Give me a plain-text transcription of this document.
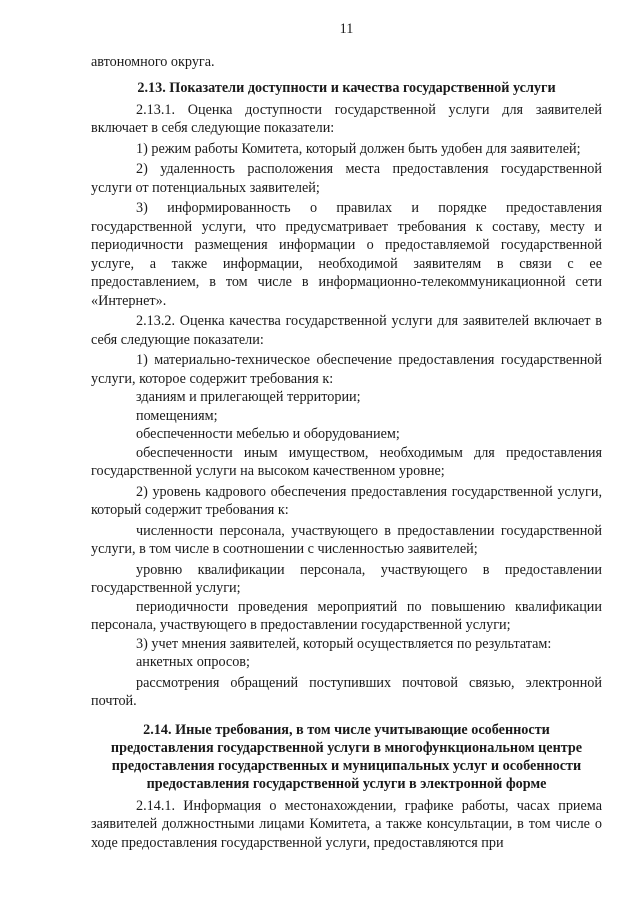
11

автономного округа.

2.13. Показатели доступности и качества государственной услуги

2.13.1. Оценка доступности государственной услуги для заявителей включает в себя следующие показатели:

1) режим работы Комитета, который должен быть удобен для заявителей;

2) удаленность расположения места предоставления государственной услуги от потенциальных заявителей;

3) информированность о правилах и порядке предоставления государственной услуги, что предусматривает требования к составу, месту и периодичности размещения информации о предоставляемой государственной услуге, а также информации, необходимой заявителям в связи с ее предоставлением, в том числе в информационно-телекоммуникационной сети «Интернет».

2.13.2. Оценка качества государственной услуги для заявителей включает в себя следующие показатели:

1) материально-техническое обеспечение предоставления государственной услуги, которое содержит требования к:

зданиям и прилегающей территории;

помещениям;

обеспеченности мебелью и оборудованием;

обеспеченности иным имуществом, необходимым для предоставления государственной услуги на высоком качественном уровне;

2) уровень кадрового обеспечения предоставления государственной услуги, который содержит требования к:

численности персонала, участвующего в предоставлении государственной услуги, в том числе в соотношении с численностью заявителей;

уровню квалификации персонала, участвующего в предоставлении государственной услуги;

периодичности проведения мероприятий по повышению квалификации персонала, участвующего в предоставлении государственной услуги;

3) учет мнения заявителей, который осуществляется по результатам:

анкетных опросов;

рассмотрения обращений поступивших почтовой связью, электронной почтой.

2.14. Иные требования, в том числе учитывающие особенности предоставления государственной услуги в многофункциональном центре предоставления государственных и муниципальных услуг и особенности предоставления государственной услуги в электронной форме

2.14.1. Информация о местонахождении, графике работы, часах приема заявителей должностными лицами Комитета, а также консультации, в том числе о ходе предоставления государственной услуги, предоставляются при
